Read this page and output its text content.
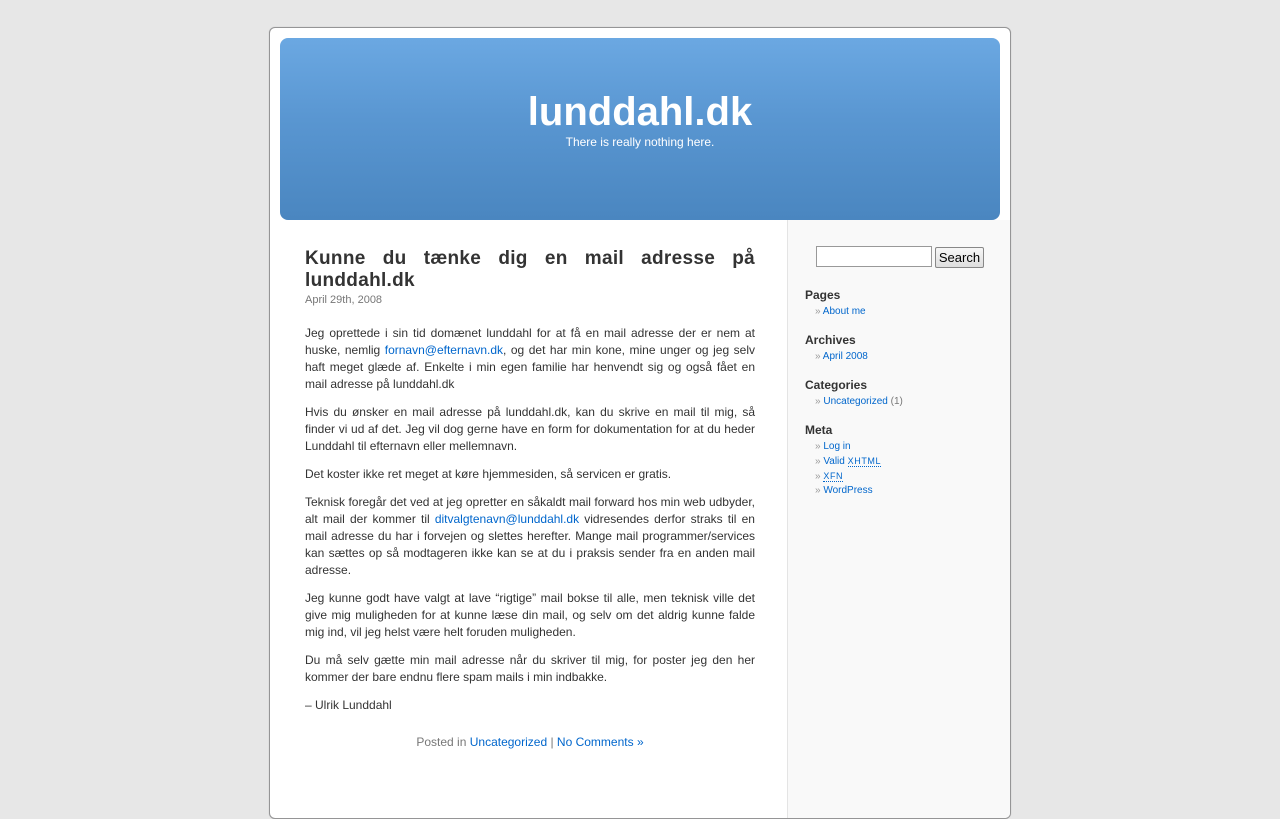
lunddahl.dk
There is really nothing here.
Kunne du tænke dig en mail adresse på
lunddahl.dk
April 29th, 2008

Jeg oprettede i sin tid domænet lunddahl for at få en mail adresse der er nem at huske, nemlig fornavn@efternavn.dk, og det har min kone, mine unger og jeg selv haft meget glæde af. Enkelte i min egen familie har henvendt sig og også fået en mail adresse på lunddahl.dk

Hvis du ønsker en mail adresse på lunddahl.dk, kan du skrive en mail til mig, så finder vi ud af det. Jeg vil dog gerne have en form for dokumentation for at du heder Lunddahl til efternavn eller mellemnavn.

Det koster ikke ret meget at køre hjemmesiden, så servicen er gratis.

Teknisk foregår det ved at jeg opretter en såkaldt mail forward hos min web udbyder, alt mail der kommer til ditvalgtenavn@lunddahl.dk vidresendes derfor straks til en mail adresse du har i forvejen og slettes herefter. Mange mail programmer/services kan sættes op så modtageren ikke kan se at du i praksis sender fra en anden mail adresse.

Jeg kunne godt have valgt at lave “rigtige” mail bokse til alle, men teknisk ville det give mig muligheden for at kunne læse din mail, og selv om det aldrig kunne falde mig ind, vil jeg helst være helt foruden muligheden.

Du må selv gætte min mail adresse når du skriver til mig, for poster jeg den her kommer der bare endnu flere spam mails i min indbakke.

– Ulrik Lunddahl

Posted in Uncategorized | No Comments »
Search
Pages
» About me
Archives
» April 2008
Categories
» Uncategorized (1)
Meta
» Log in
» Valid XHTML
» XFN
» WordPress
